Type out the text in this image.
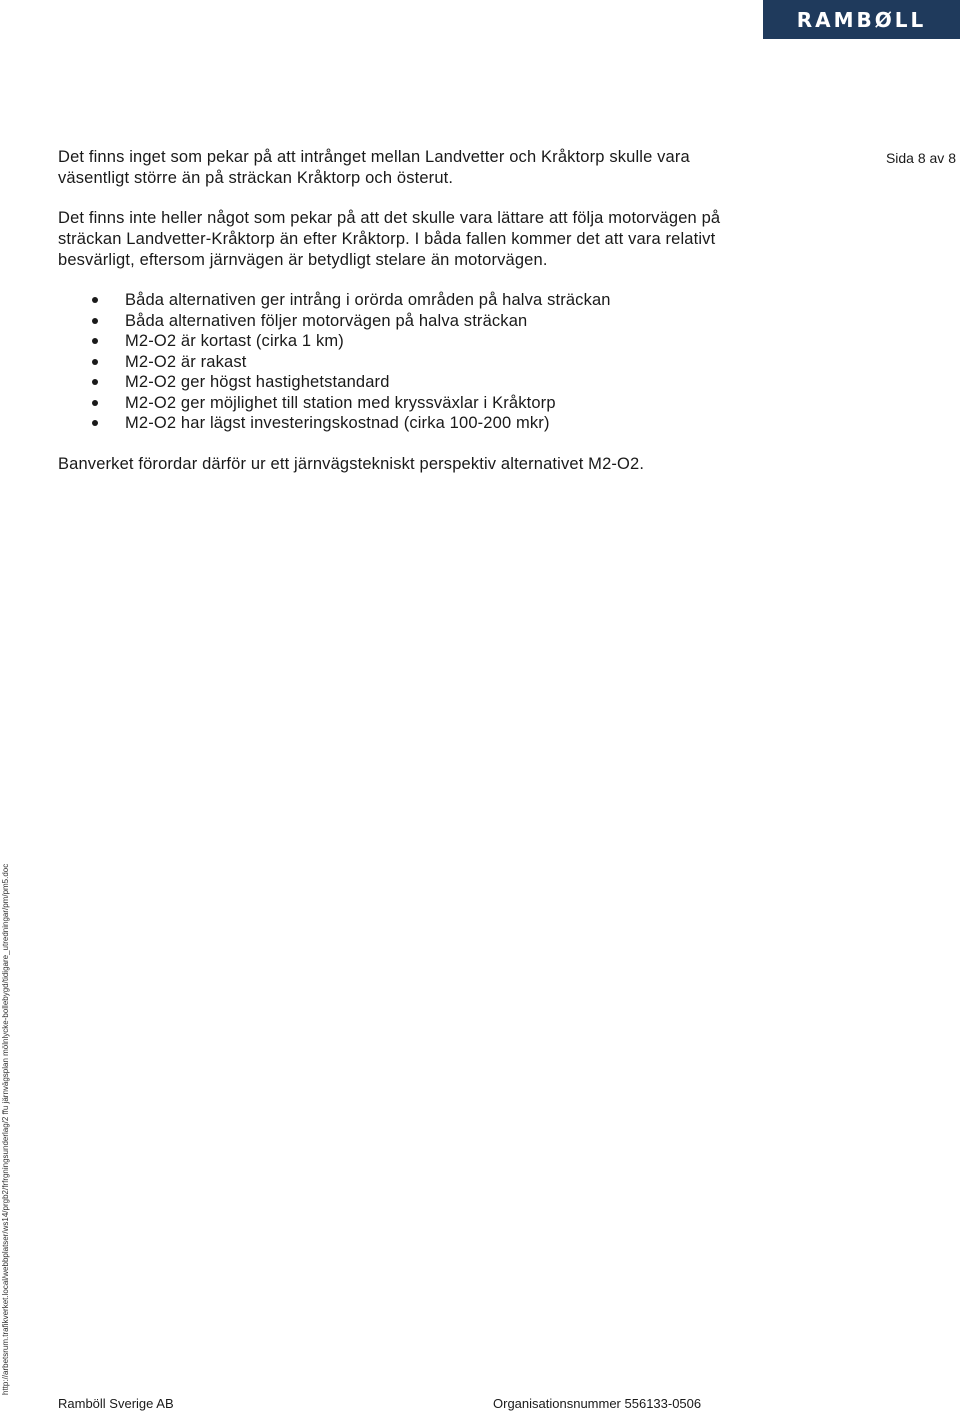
RAMBØLL
Sida 8 av 8

Det finns inget som pekar på att intrånget mellan Landvetter och Kråktorp skulle vara väsentligt större än på sträckan Kråktorp och österut.

Det finns inte heller något som pekar på att det skulle vara lättare att följa motorvägen på sträckan Landvetter-Kråktorp än efter Kråktorp. I båda fallen kommer det att vara relativt besvärligt, eftersom järnvägen är betydligt stelare än motorvägen.

Båda alternativen ger intrång i orörda områden på halva sträckan
Båda alternativen följer motorvägen på halva sträckan
M2-O2 är kortast (cirka 1 km)
M2-O2 är rakast
M2-O2 ger högst hastighetstandard
M2-O2 ger möjlighet till station med kryssväxlar i Kråktorp
M2-O2 har lägst investeringskostnad (cirka 100-200 mkr)

Banverket förordar därför ur ett järnvägstekniskt perspektiv alternativet M2-O2.

http://arbetsrum.trafikverket.local/webbplatser/ws14/prgb2/frfrgningsunderlag/2 ffu järnvägsplan mölnlycke-bollebygd/tidigare_utredningar/pm/pm5.doc
Ramböll Sverige AB	Organisationsnummer 556133-0506
